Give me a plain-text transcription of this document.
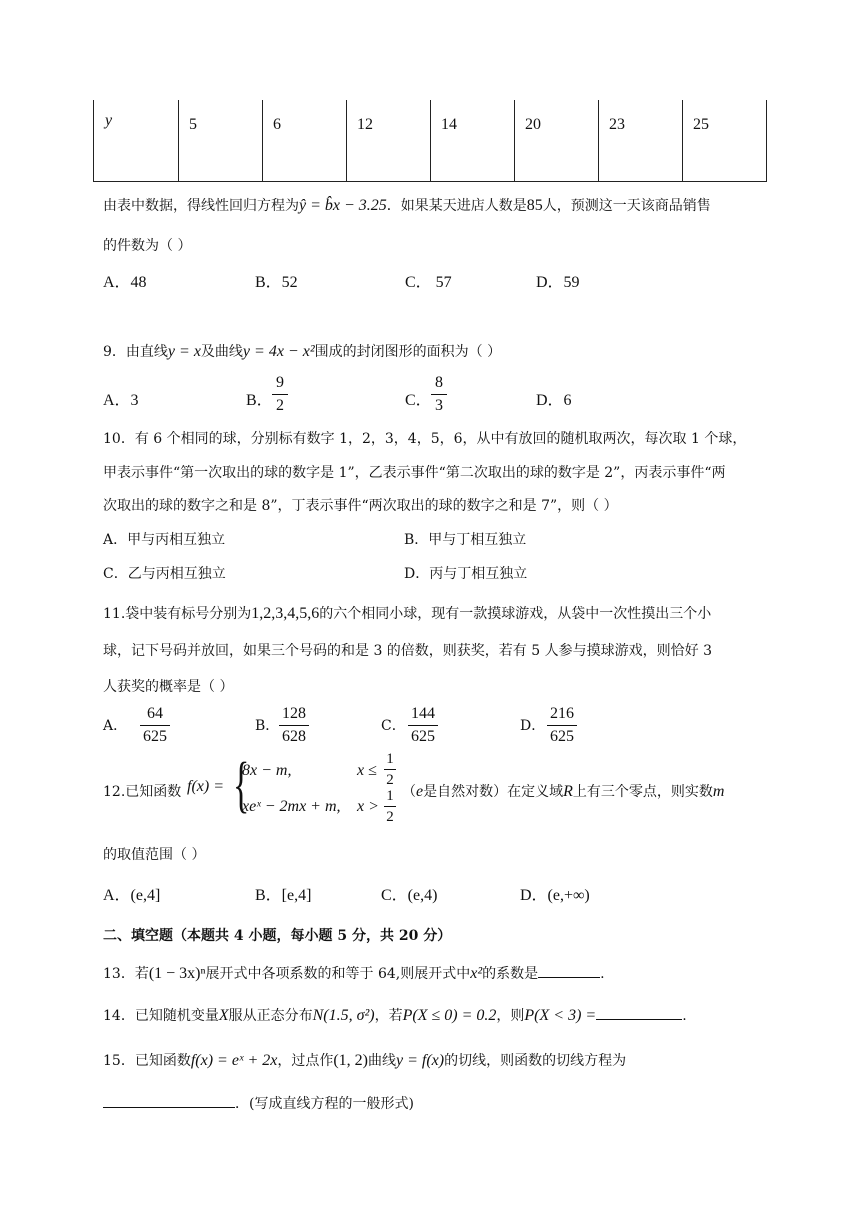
y	5	6	12	14	20	23	25
由表中数据，得线性回归方程为ŷ = b̂x − 3.25．如果某天进店人数是85人，预测这一天该商品销售
的件数为（ ）
A．48	B．52	C． 57	D．59
9．由直线y = x及曲线y = 4x − x²围成的封闭图形的面积为（ ）
A．3	B．
9
2	C．
8
3	D．6
10．有 6 个相同的球，分别标有数字 1，2，3，4，5，6，从中有放回的随机取两次，每次取 1 个球，
甲表示事件“第一次取出的球的数字是 1”，乙表示事件“第二次取出的球的数字是 2”，丙表示事件“两
次取出的球的数字之和是 8”，丁表示事件“两次取出的球的数字之和是 7”，则（ ）
A．甲与丙相互独立	B．甲与丁相互独立
C．乙与丙相互独立	D．丙与丁相互独立
11.袋中装有标号分别为1,2,3,4,5,6的六个相同小球，现有一款摸球游戏，从袋中一次性摸出三个小
球，记下号码并放回，如果三个号码的和是 3 的倍数，则获奖，若有 5 人参与摸球游戏，则恰好 3
人获奖的概率是（ ）
A．
64
625
B．
128
628
C．
144
625
D．
216
625
12.已知函数 f(x) = {
8x − m,	x ≤
1
2
xeˣ − 2mx + m, x >
1
2
（e是自然对数）在定义域R上有三个零点，则实数m
的取值范围（ ）
A．(e,4]	B．[e,4]	C．(e,4)	D．(e,+∞)
二、填空题（本题共 4 小题，每小题 5 分，共 20 分）
13．若(1 − 3x)ⁿ展开式中各项系数的和等于 64,则展开式中x²的系数是	.
14．已知随机变量X服从正态分布N(1.5, σ²)，若P(X ≤ 0) = 0.2，则P(X < 3) =	.
15．已知函数f(x) = eˣ + 2x，过点作(1, 2)曲线y = f(x)的切线，则函数的切线方程为
．(写成直线方程的一般形式)
